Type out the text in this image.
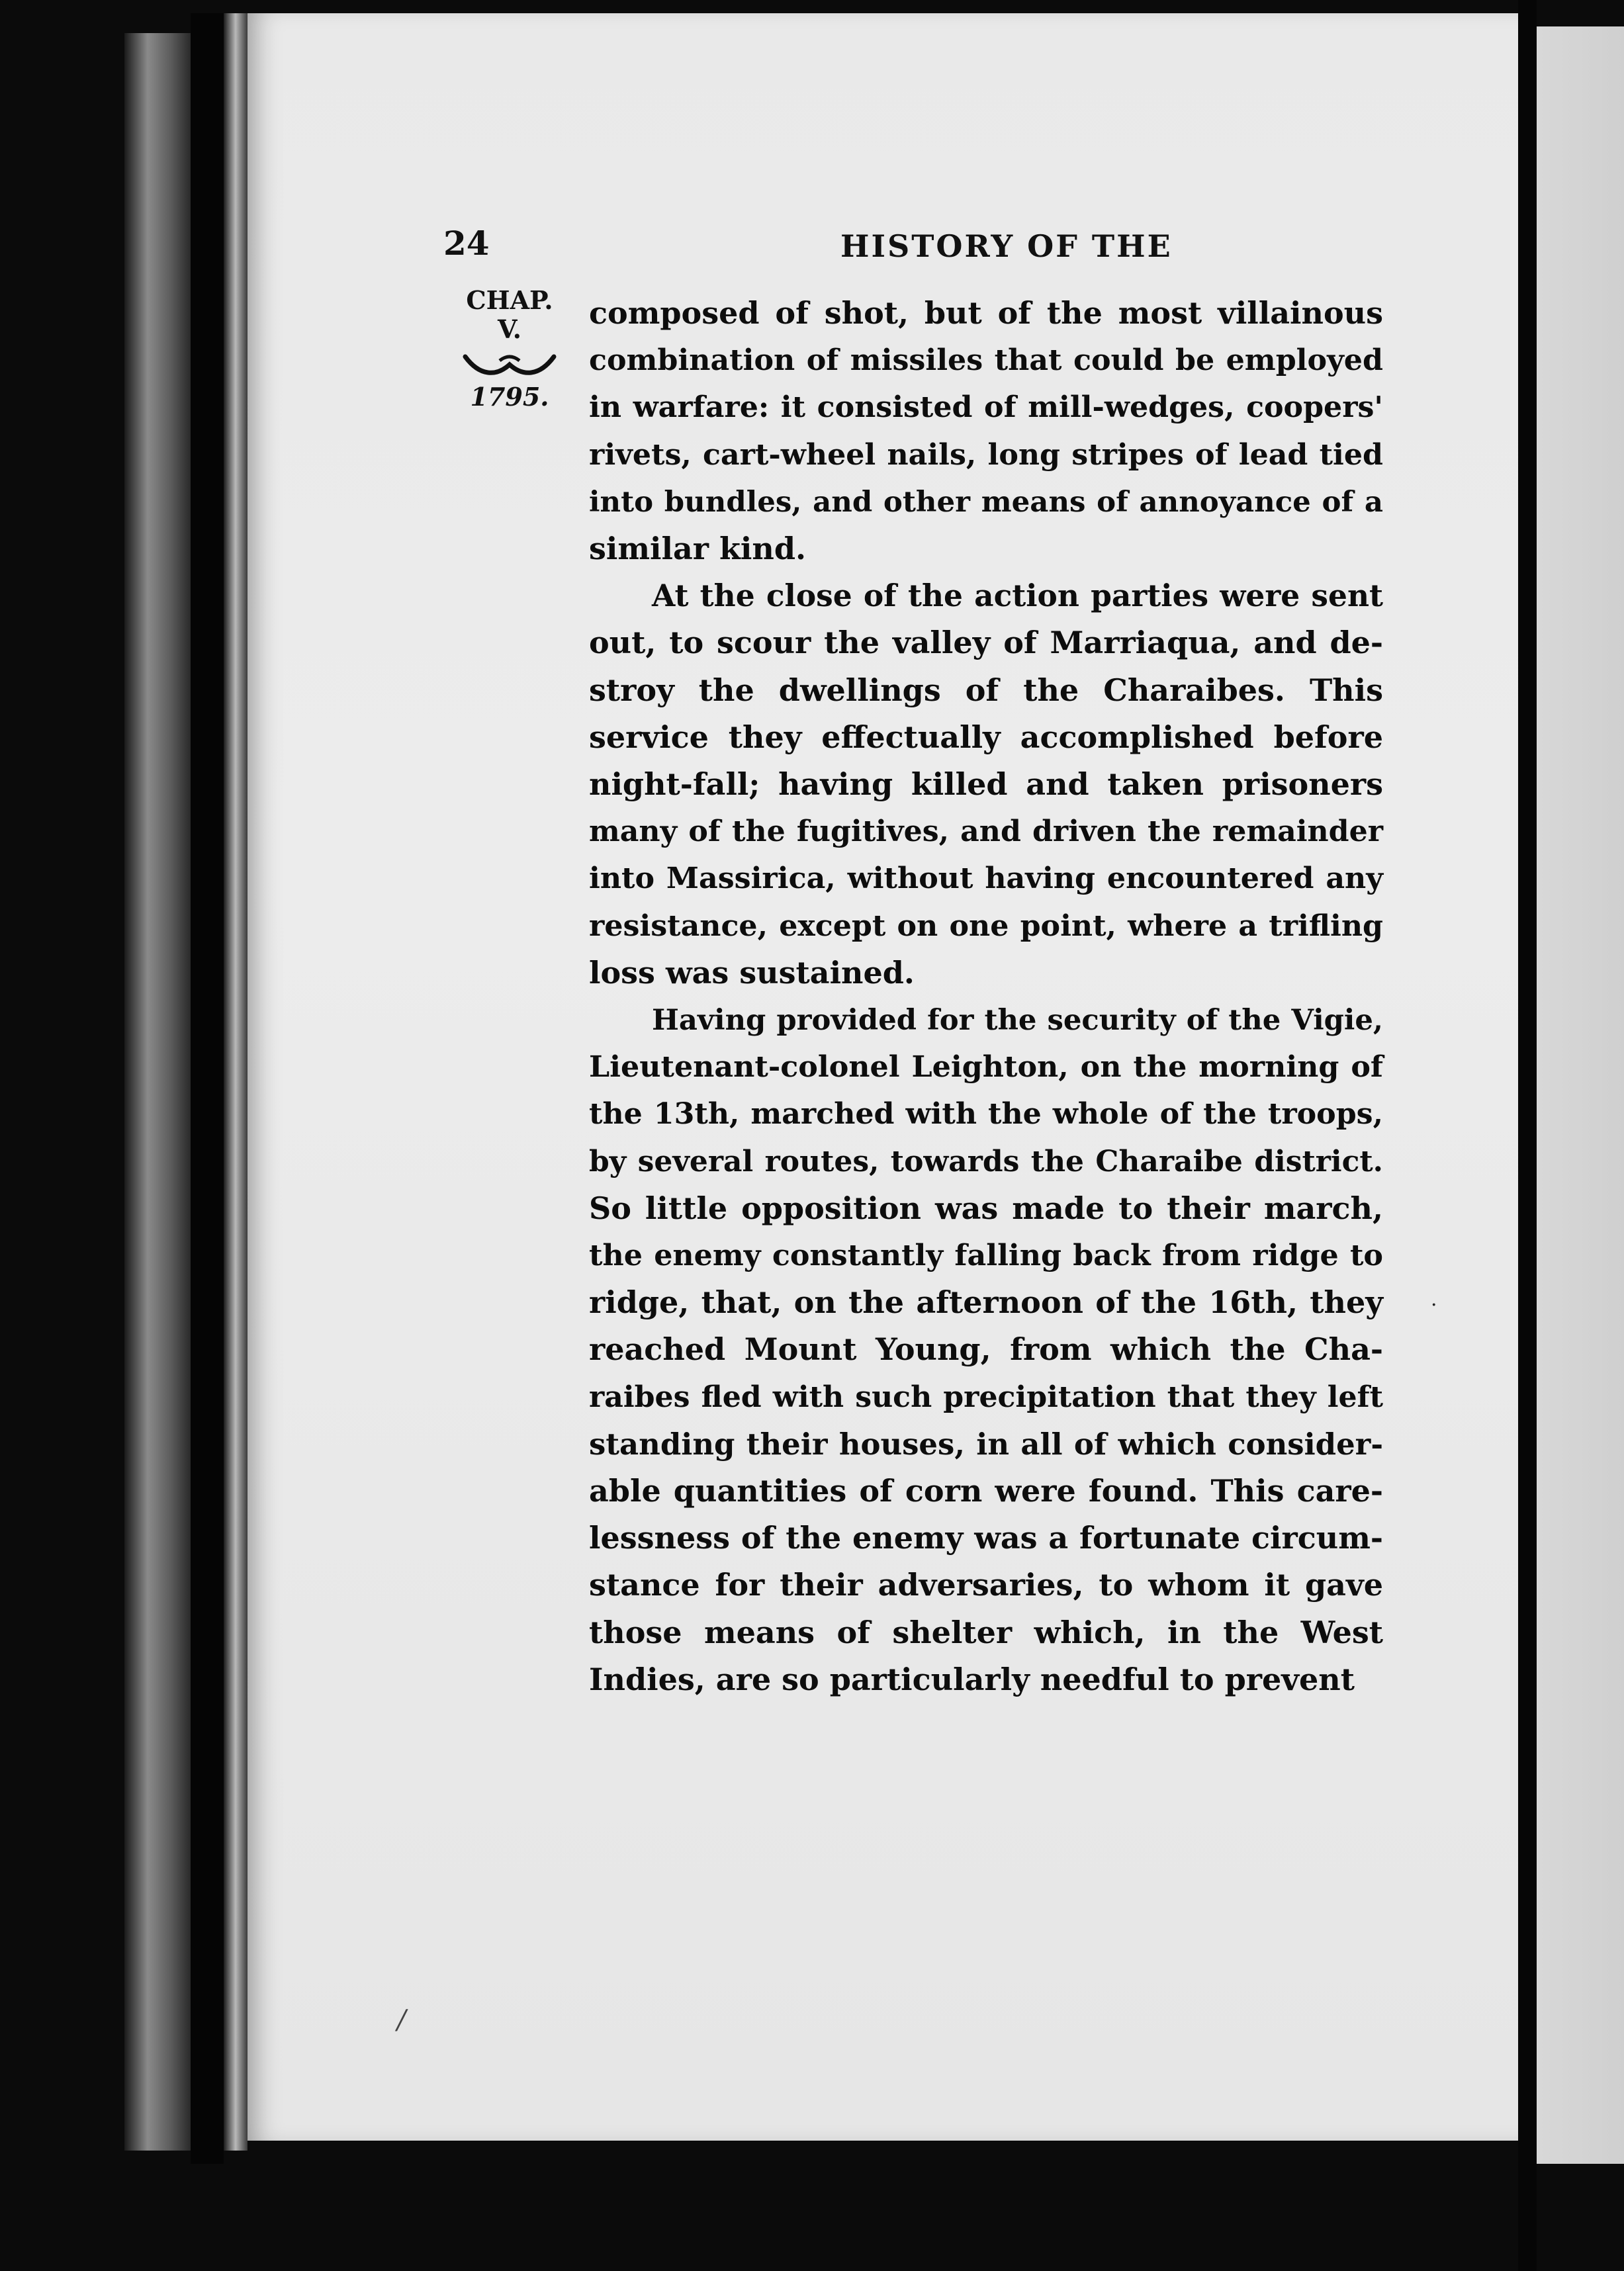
24	HISTORY OF THE
CHAP.
V.
1795.

composed of shot, but of the most villainous
combination of missiles that could be employed
in warfare: it consisted of mill-wedges, coopers'
rivets, cart-wheel nails, long stripes of lead tied
into bundles, and other means of annoyance of a
similar kind.

At the close of the action parties were sent
out, to scour the valley of Marriaqua, and de-
stroy the dwellings of the Charaibes. This
service they effectually accomplished before
night-fall; having killed and taken prisoners
many of the fugitives, and driven the remainder
into Massirica, without having encountered any
resistance, except on one point, where a trifling
loss was sustained.

Having provided for the security of the Vigie,
Lieutenant-colonel Leighton, on the morning of
the 13th, marched with the whole of the troops,
by several routes, towards the Charaibe district.
So little opposition was made to their march,
the enemy constantly falling back from ridge to
ridge, that, on the afternoon of the 16th, they
reached Mount Young, from which the Cha-
raibes fled with such precipitation that they left
standing their houses, in all of which consider-
able quantities of corn were found. This care-
lessness of the enemy was a fortunate circum-
stance for their adversaries, to whom it gave
those means of shelter which, in the West
Indies, are so particularly needful to prevent

·
/
